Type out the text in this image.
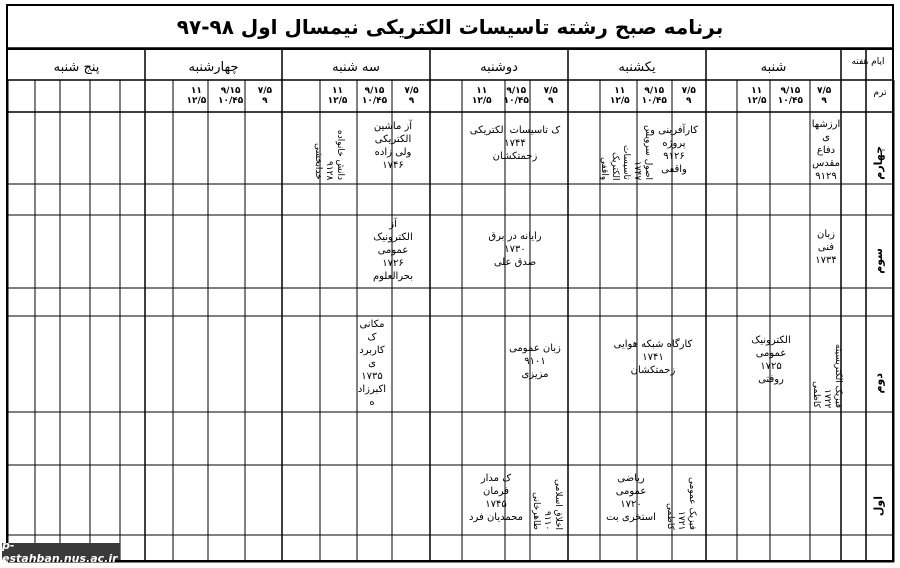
برنامه صبح رشته تاسیسات الکتریکی نیمسال اول ۹۸-۹۷
ایام هفته
ترم
شنبه
یکشنبه
دوشنبه
سه شنبه
چهارشنبه
پنج شنبه
۷/۵
۹
۹/۱۵
۱۰/۴۵
۱۱
۱۲/۵
۷/۵
۹
۹/۱۵
۱۰/۴۵
۱۱
۱۲/۵
۷/۵
۹
۹/۱۵
۱۰/۴۵
۱۱
۱۲/۵
۷/۵
۹
۹/۱۵
۱۰/۴۵
۱۱
۱۲/۵
۷/۵
۹
۹/۱۵
۱۰/۴۵
۱۱
۱۲/۵
چهارم
سوم
دوم
اول
ارزشها
ی
دفاع
مقدس
۹۱۲۹
کارآفرینی و پروژه
۹۱۲۶
واقفی
اصول سرویس
۱۷۴۷
تاسیسات الکتریک
واقفی
ک تاسیسات الکتریکی
۱۷۴۴
زحمتکشان
آز ماشین
الکتریکی
ولی زاده
۱۷۴۶
دانش خانواده
۹۱۲۸
خدابخشی
زبان
فنی
۱۷۳۴
رایانه در برق
۱۷۳۰
صدق علی
آز
الکترونیک
عمومی
۱۷۲۶
بحرالعلوم
فیزیک الکتریسیته
۱۷۲۲
کاظمی
الکترونیک
عمومی
۱۷۲۵
روفتی
کارگاه شبکه هوایی
۱۷۴۱
زحمتکشان
زبان عمومی
۹۱۰۱
مزیزی
مکانی
ک
کاربرد
ی
۱۷۳۵
اکبرزاد
ه
فیزیک عمومی
۱۷۲۱
کاظمی
ریاضی
عمومی
۱۷۲۰
استخری بت
اخلاق اسلامی
۹۱۱۰
طاهرخانی
ک مدار
فرمان
۱۷۴۵
محمدیان فرد
p-estahban.nus.ac.ir
